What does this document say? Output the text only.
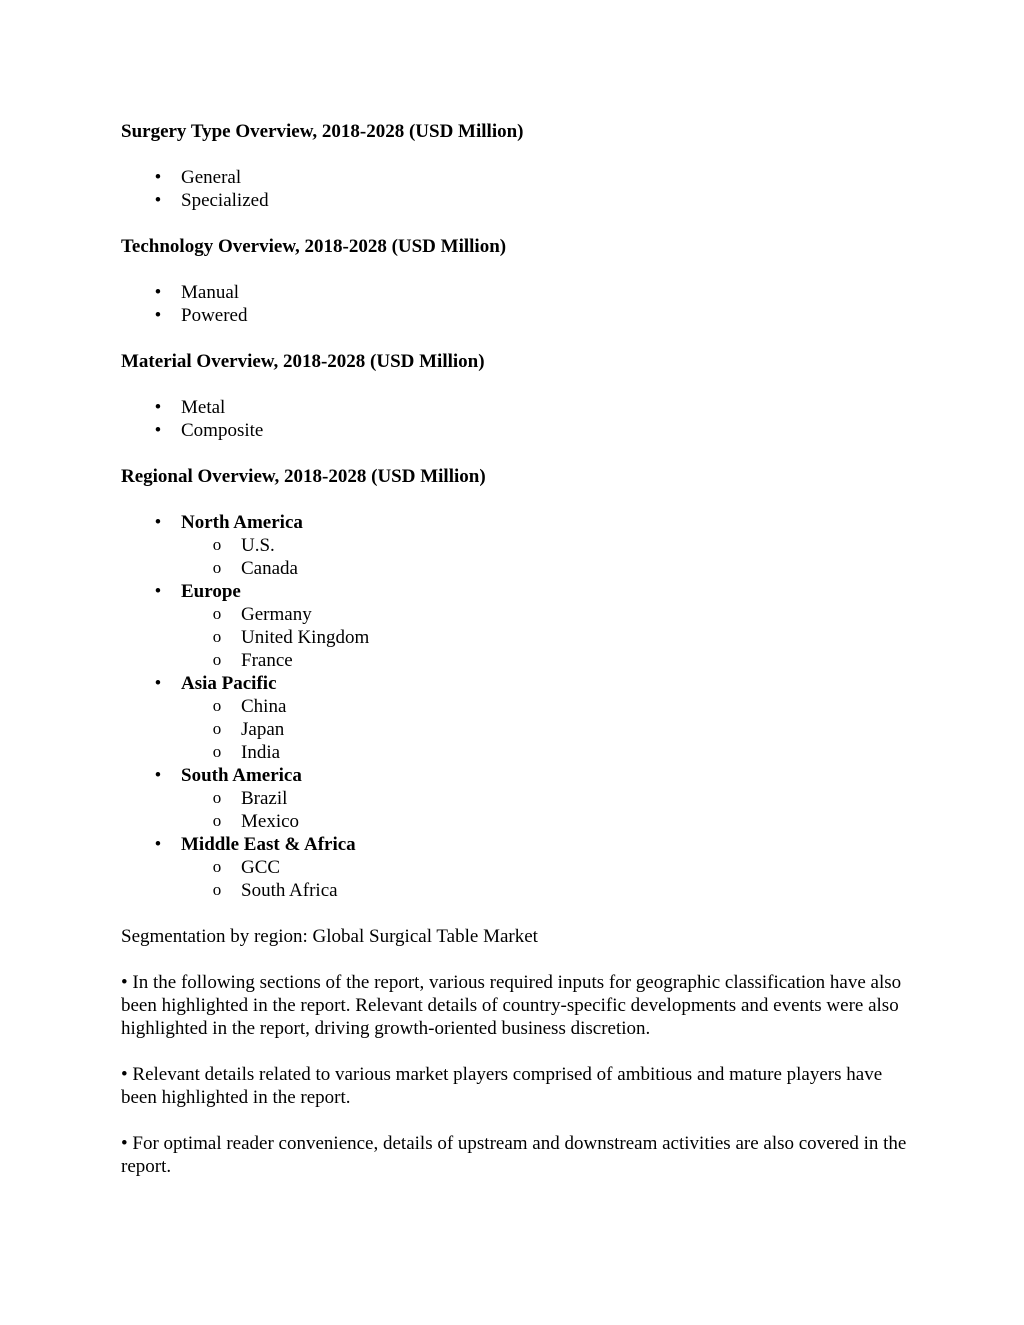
Surgery Type Overview, 2018-2028 (USD Million)

• General
• Specialized

Technology Overview, 2018-2028 (USD Million)

• Manual
• Powered

Material Overview, 2018-2028 (USD Million)

• Metal
• Composite

Regional Overview, 2018-2028 (USD Million)

• North America
o U.S.
o Canada
• Europe
o Germany
o United Kingdom
o France
• Asia Pacific
o China
o Japan
o India
• South America
o Brazil
o Mexico
• Middle East & Africa
o GCC
o South Africa

Segmentation by region: Global Surgical Table Market

• In the following sections of the report, various required inputs for geographic classification have also been highlighted in the report. Relevant details of country-specific developments and events were also highlighted in the report, driving growth-oriented business discretion.

• Relevant details related to various market players comprised of ambitious and mature players have been highlighted in the report.

• For optimal reader convenience, details of upstream and downstream activities are also covered in the report.
